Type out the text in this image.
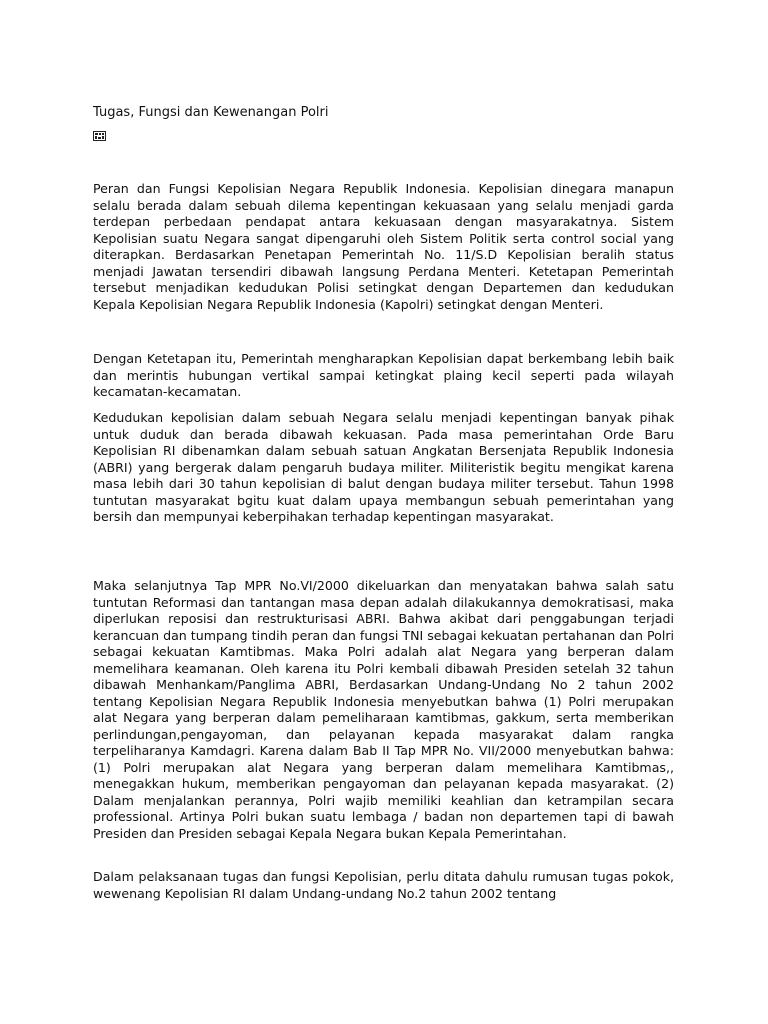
Tugas, Fungsi dan Kewenangan Polri

Peran dan Fungsi Kepolisian Negara Republik Indonesia. Kepolisian dinegara manapun selalu berada dalam sebuah dilema kepentingan kekuasaan yang selalu menjadi garda terdepan perbedaan pendapat antara kekuasaan dengan masyarakatnya. Sistem Kepolisian suatu Negara sangat dipengaruhi oleh Sistem Politik serta control social yang diterapkan. Berdasarkan Penetapan Pemerintah No. 11/S.D Kepolisian beralih status menjadi Jawatan tersendiri dibawah langsung Perdana Menteri. Ketetapan Pemerintah tersebut menjadikan kedudukan Polisi setingkat dengan Departemen dan kedudukan Kepala Kepolisian Negara Republik Indonesia (Kapolri) setingkat dengan Menteri.

Dengan Ketetapan itu, Pemerintah mengharapkan Kepolisian dapat berkembang lebih baik dan merintis hubungan vertikal sampai ketingkat plaing kecil seperti pada wilayah kecamatan-kecamatan.

Kedudukan kepolisian dalam sebuah Negara selalu menjadi kepentingan banyak pihak untuk duduk dan berada dibawah kekuasan. Pada masa pemerintahan Orde Baru Kepolisian RI dibenamkan dalam sebuah satuan Angkatan Bersenjata Republik Indonesia (ABRI) yang bergerak dalam pengaruh budaya militer. Militeristik begitu mengikat karena masa lebih dari 30 tahun kepolisian di balut dengan budaya militer tersebut. Tahun 1998 tuntutan masyarakat bgitu kuat dalam upaya membangun sebuah pemerintahan yang bersih dan mempunyai keberpihakan terhadap kepentingan masyarakat.

Maka selanjutnya Tap MPR No.VI/2000 dikeluarkan dan menyatakan bahwa salah satu tuntutan Reformasi dan tantangan masa depan adalah dilakukannya demokratisasi, maka diperlukan reposisi dan restrukturisasi ABRI. Bahwa akibat dari penggabungan terjadi kerancuan dan tumpang tindih peran dan fungsi TNI sebagai kekuatan pertahanan dan Polri sebagai kekuatan Kamtibmas. Maka Polri adalah alat Negara yang berperan dalam memelihara keamanan. Oleh karena itu Polri kembali dibawah Presiden setelah 32 tahun dibawah Menhankam/Panglima ABRI, Berdasarkan Undang-Undang No 2 tahun 2002 tentang Kepolisian Negara Republik Indonesia menyebutkan bahwa (1) Polri merupakan alat Negara yang berperan dalam pemeliharaan kamtibmas, gakkum, serta memberikan perlindungan,pengayoman, dan pelayanan kepada masyarakat dalam rangka terpeliharanya Kamdagri. Karena dalam Bab II Tap MPR No. VII/2000 menyebutkan bahwa: (1) Polri merupakan alat Negara yang berperan dalam memelihara Kamtibmas,, menegakkan hukum, memberikan pengayoman dan pelayanan kepada masyarakat. (2) Dalam menjalankan perannya, Polri wajib memiliki keahlian dan ketrampilan secara professional. Artinya Polri bukan suatu lembaga / badan non departemen tapi di bawah Presiden dan Presiden sebagai Kepala Negara bukan Kepala Pemerintahan.

Dalam pelaksanaan tugas dan fungsi Kepolisian, perlu ditata dahulu rumusan tugas pokok, wewenang Kepolisian RI dalam Undang-undang No.2 tahun 2002 tentang
